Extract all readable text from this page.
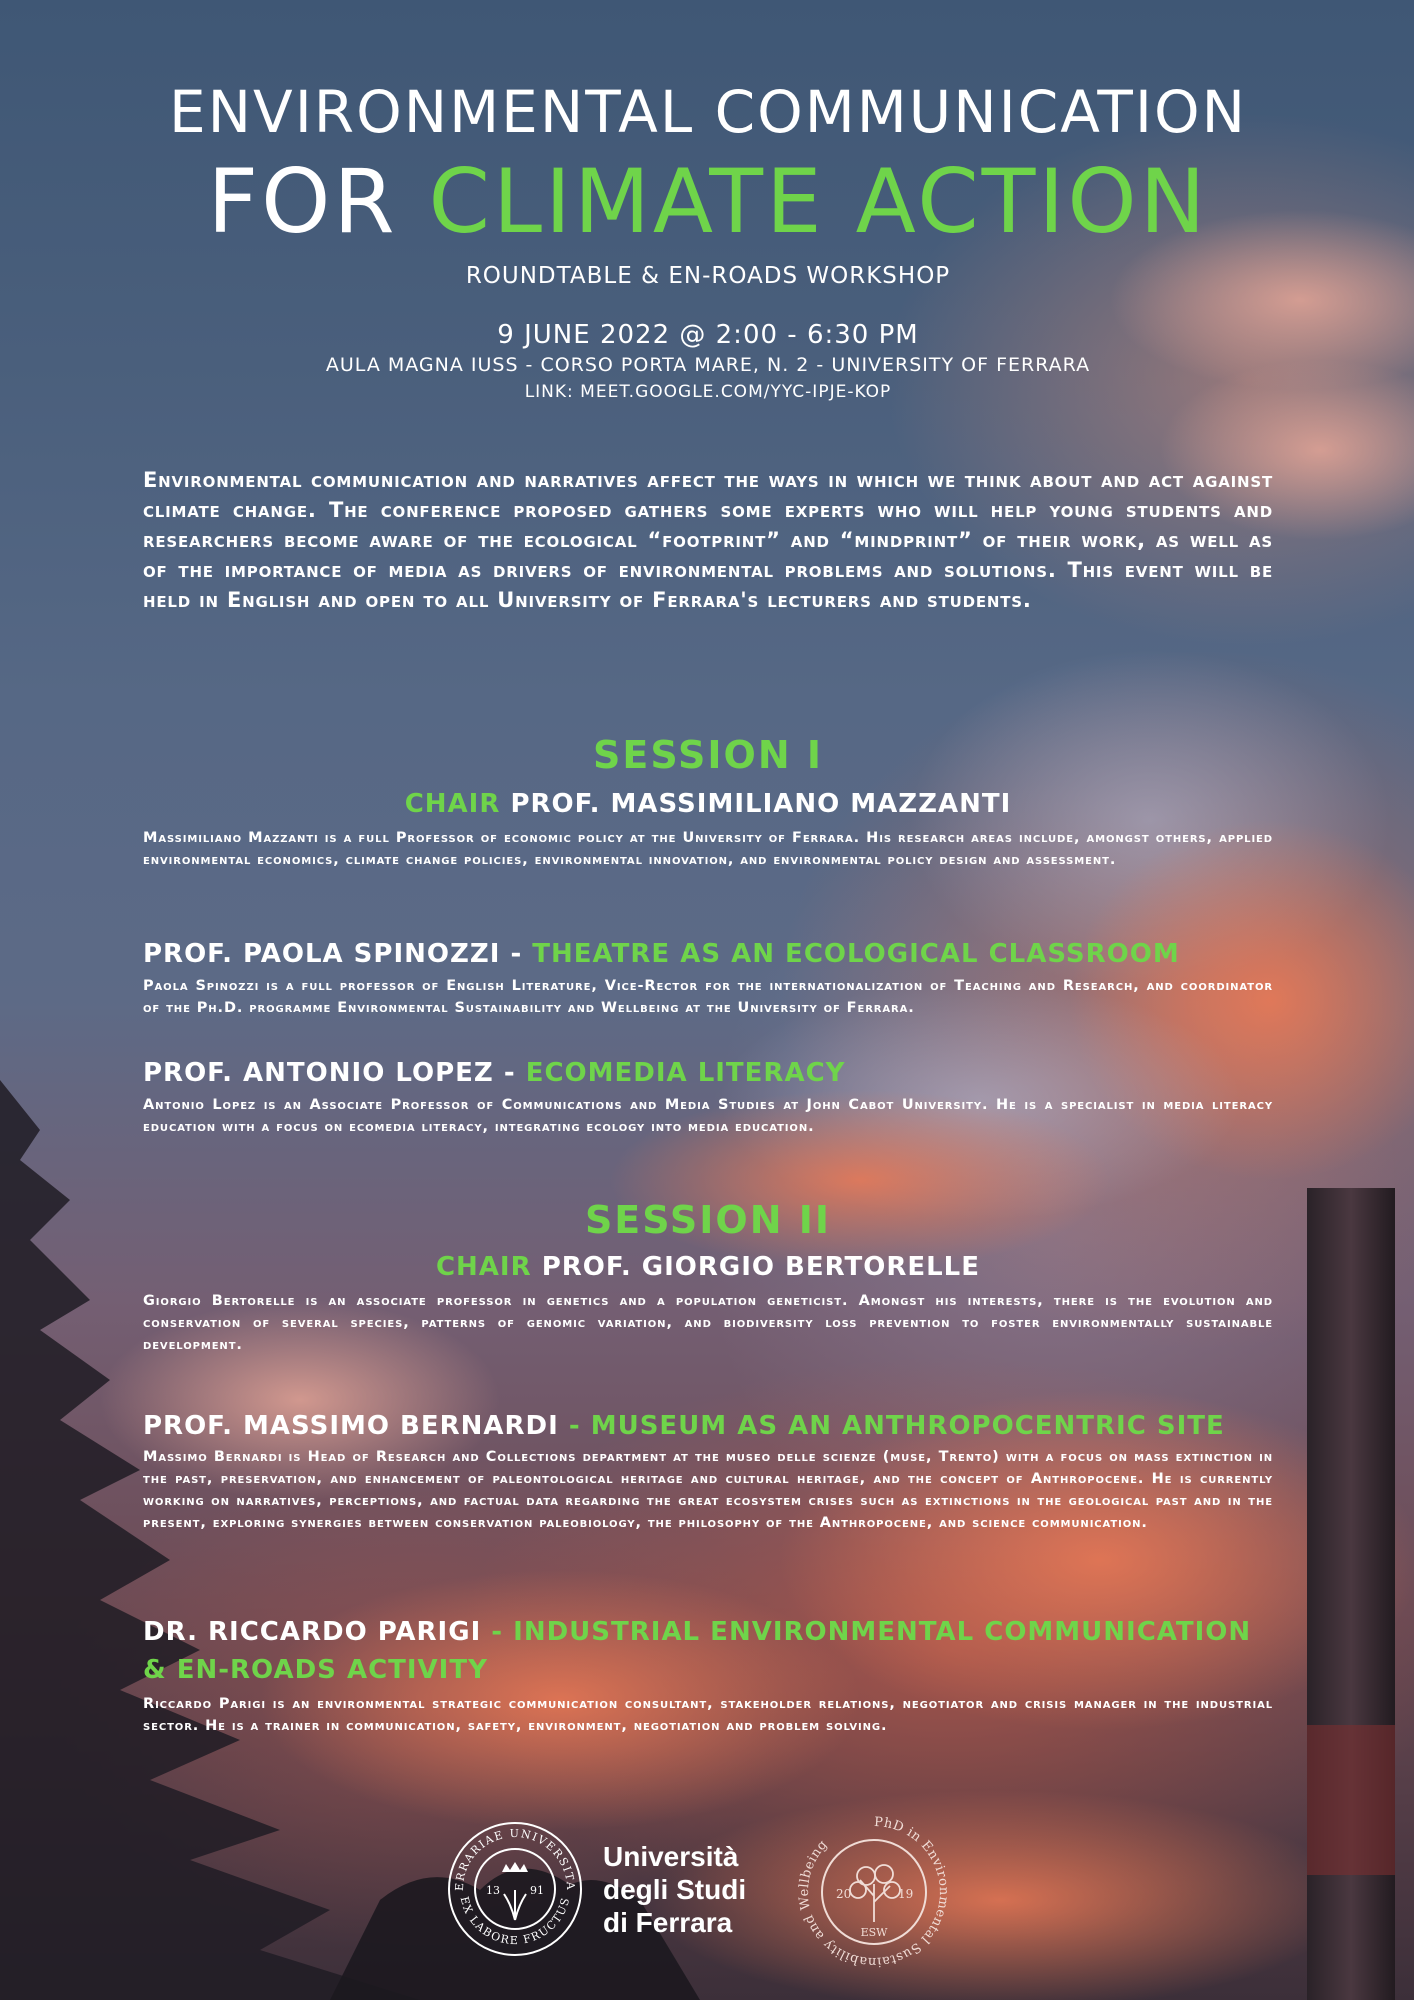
ENVIRONMENTAL COMMUNICATION
FOR CLIMATE ACTION
ROUNDTABLE & EN-ROADS WORKSHOP
9 JUNE 2022 @ 2:00 - 6:30 PM
AULA MAGNA IUSS - CORSO PORTA MARE, N. 2 - UNIVERSITY OF FERRARA
LINK: MEET.GOOGLE.COM/YYC-IPJE-KOP
Environmental communication and narratives affect the ways in which we think about and act against climate change. The conference proposed gathers some experts who will help young students and researchers become aware of the ecological “footprint” and “mindprint” of their work, as well as of the importance of media as drivers of environmental problems and solutions. This event will be held in English and open to all University of Ferrara's lecturers and students.
SESSION I
CHAIR PROF. MASSIMILIANO MAZZANTI
Massimiliano Mazzanti is a full Professor of economic policy at the University of Ferrara. His research areas include, amongst others, applied environmental economics, climate change policies, environmental innovation, and environmental policy design and assessment.
PROF. PAOLA SPINOZZI - THEATRE AS AN ECOLOGICAL CLASSROOM
Paola Spinozzi is a full professor of English Literature, Vice-Rector for the internationalization of Teaching and Research, and coordinator of the Ph.D. programme Environmental Sustainability and Wellbeing at the University of Ferrara.
PROF. ANTONIO LOPEZ - ECOMEDIA LITERACY
Antonio Lopez is an Associate Professor of Communications and Media Studies at John Cabot University. He is a specialist in media literacy education with a focus on ecomedia literacy, integrating ecology into media education.
SESSION II
CHAIR PROF. GIORGIO BERTORELLE
Giorgio Bertorelle is an associate professor in genetics and a population geneticist. Amongst his interests, there is the evolution and conservation of several species, patterns of genomic variation, and biodiversity loss prevention to foster environmentally sustainable development.
PROF. MASSIMO BERNARDI - MUSEUM AS AN ANTHROPOCENTRIC SITE
Massimo Bernardi is Head of Research and Collections department at the museo delle scienze (muse, Trento) with a focus on mass extinction in the past, preservation, and enhancement of paleontological heritage and cultural heritage, and the concept of Anthropocene. He is currently working on narratives, perceptions, and factual data regarding the great ecosystem crises such as extinctions in the geological past and in the present, exploring synergies between conservation paleobiology, the philosophy of the Anthropocene, and science communication.
DR. RICCARDO PARIGI - INDUSTRIAL ENVIRONMENTAL COMMUNICATION & EN-ROADS ACTIVITY
Riccardo Parigi is an environmental strategic communication consultant, stakeholder relations, negotiator and crisis manager in the industrial sector. He is a trainer in communication, safety, environment, negotiation and problem solving.
ERRARIAE UNIVERSITA
EX LABORE FRUCTUS
13	91
Università
degli Studi
di Ferrara
PhD in Environmental Sustainability and Wellbeing
20	19
ESW
